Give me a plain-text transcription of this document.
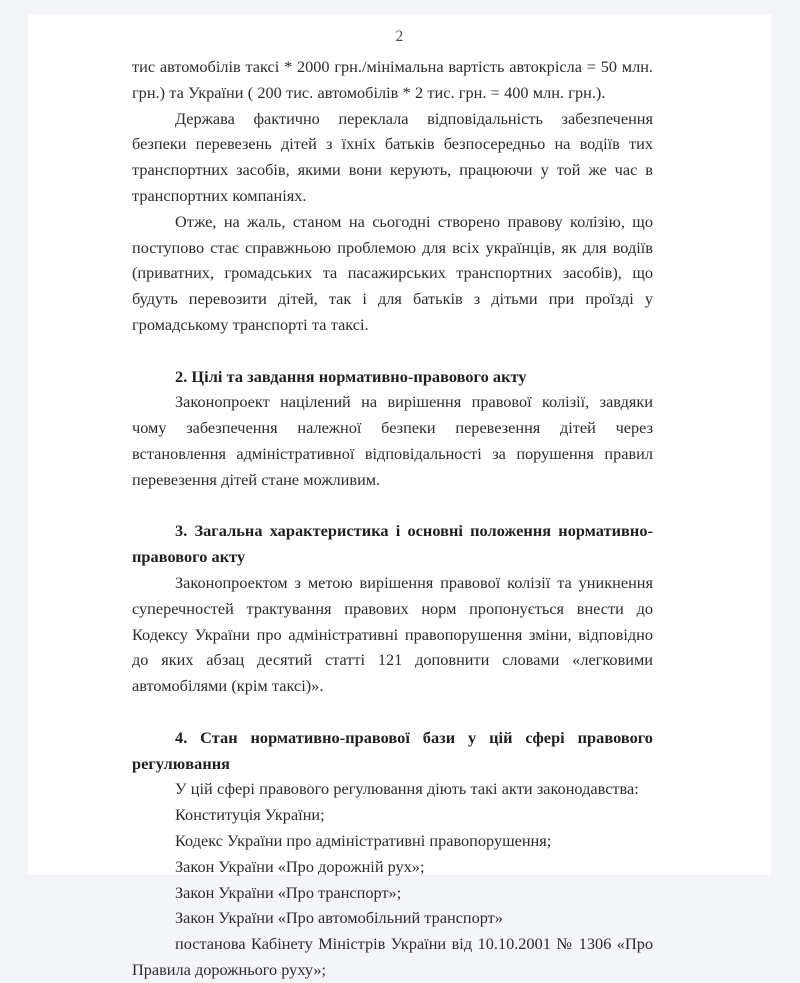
2

тис автомобілів таксі * 2000 грн./мінімальна вартість автокрісла = 50 млн. грн.) та України ( 200 тис. автомобілів * 2 тис. грн. = 400 млн. грн.).

Держава фактично переклала відповідальність забезпечення безпеки перевезень дітей з їхніх батьків безпосередньо на водіїв тих транспортних засобів, якими вони керують, працюючи у той же час в транспортних компаніях.

Отже, на жаль, станом на сьогодні створено правову колізію, що поступово стає справжньою проблемою для всіх українців, як для водіїв (приватних, громадських та пасажирських транспортних засобів), що будуть перевозити дітей, так і для батьків з дітьми при проїзді у громадському транспорті та таксі.

2. Цілі та завдання нормативно-правового акту

Законопроект націлений на вирішення правової колізії, завдяки чому забезпечення належної безпеки перевезення дітей через встановлення адміністративної відповідальності за порушення правил перевезення дітей стане можливим.

3. Загальна характеристика і основні положення нормативно-правового акту

Законопроектом з метою вирішення правової колізії та уникнення суперечностей трактування правових норм пропонується внести до Кодексу України про адміністративні правопорушення зміни, відповідно до яких абзац десятий статті 121 доповнити словами «легковими автомобілями (крім таксі)».

4. Стан нормативно-правової бази у цій сфері правового регулювання

У цій сфері правового регулювання діють такі акти законодавства:

Конституція України;
Кодекс України про адміністративні правопорушення;
Закон України «Про дорожній рух»;
Закон України «Про транспорт»;
Закон України «Про автомобільний транспорт»
постанова Кабінету Міністрів України від 10.10.2001 № 1306 «Про Правила дорожнього руху»;
